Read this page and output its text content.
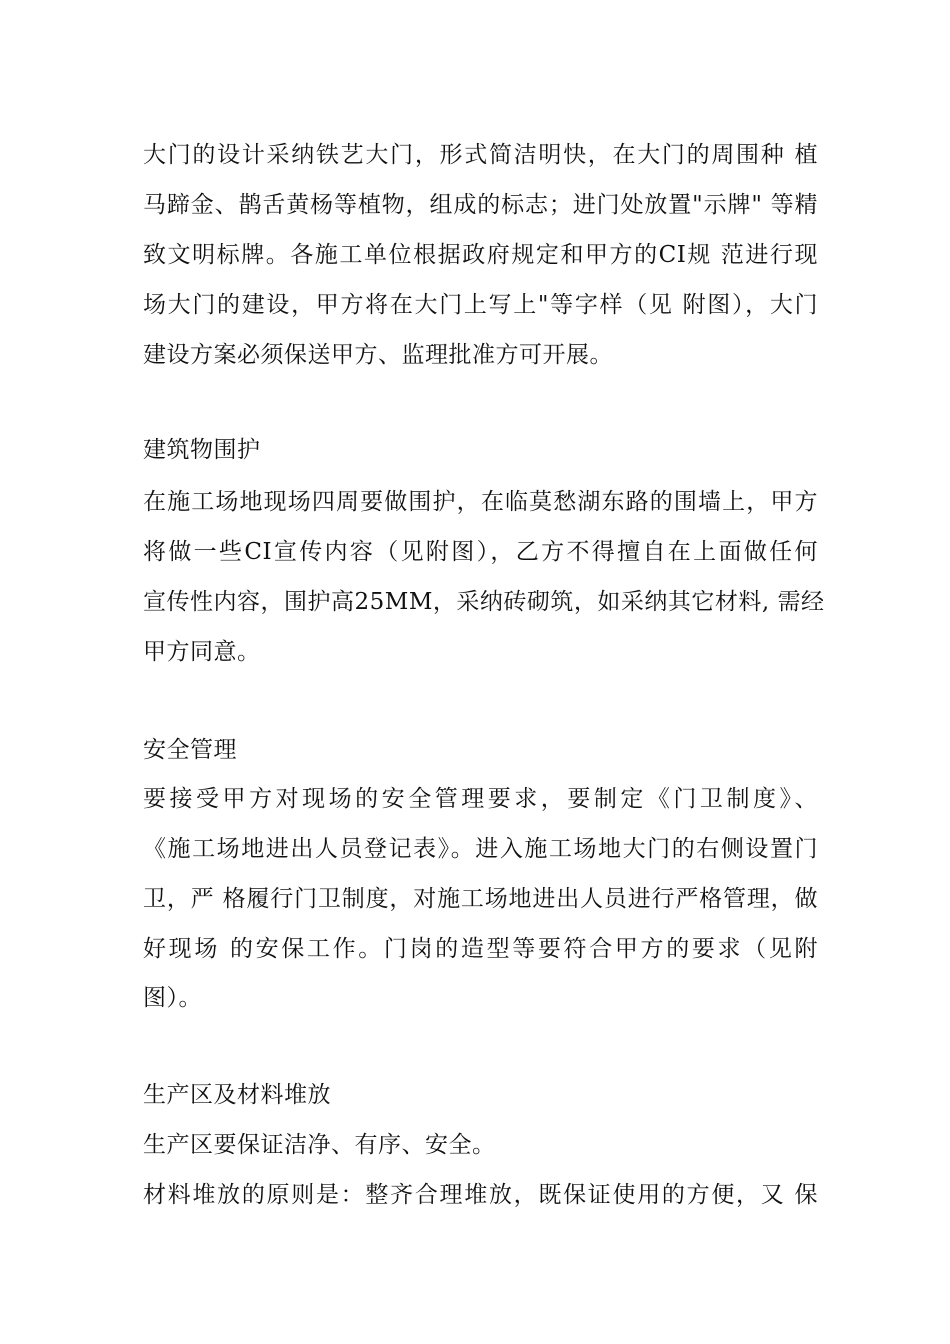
大门的设计采纳铁艺大门，形式简洁明快，在大门的周围种 植
马蹄金、鹊舌黄杨等植物，组成的标志；进门处放置"示牌" 等精
致文明标牌。各施工单位根据政府规定和甲方的CI规 范进行现
场大门的建设，甲方将在大门上写上"等字样（见 附图），大门
建设方案必须保送甲方、监理批准方可开展。
建筑物围护
在施工场地现场四周要做围护，在临莫愁湖东路的围墙上，甲方
将做一些CI宣传内容（见附图），乙方不得擅自在上面做任何
宣传性内容，围护高25MM，采纳砖砌筑，如采纳其它材料, 需经
甲方同意。
安全管理
要接受甲方对现场的安全管理要求，要制定《门卫制度》、
《施工场地进出人员登记表》。进入施工场地大门的右侧设置门
卫，严 格履行门卫制度，对施工场地进出人员进行严格管理，做
好现场 的安保工作。门岗的造型等要符合甲方的要求（见附
图）。
生产区及材料堆放
生产区要保证洁净、有序、安全。
材料堆放的原则是：整齐合理堆放，既保证使用的方便，又 保
